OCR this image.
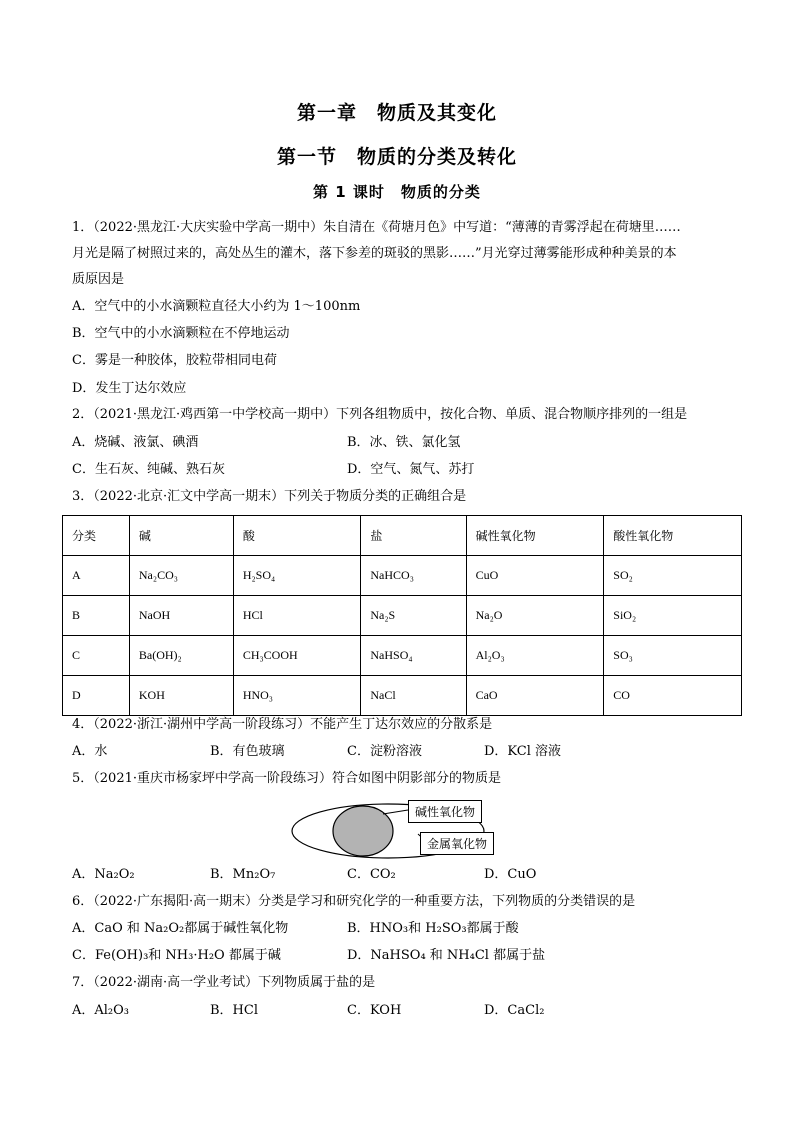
第一章　物质及其变化
第一节　物质的分类及转化
第 1 课时　物质的分类
1．（2022·黑龙江·大庆实验中学高一期中）朱自清在《荷塘月色》中写道：“薄薄的青雾浮起在荷塘里……
月光是隔了树照过来的，高处丛生的灌木，落下参差的斑驳的黑影……”月光穿过薄雾能形成种种美景的本
质原因是
A．空气中的小水滴颗粒直径大小约为 1～100nm
B．空气中的小水滴颗粒在不停地运动
C．雾是一种胶体，胶粒带相同电荷
D．发生丁达尔效应
2．（2021·黑龙江·鸡西第一中学校高一期中）下列各组物质中，按化合物、单质、混合物顺序排列的一组是
A．烧碱、液氯、碘酒	B．冰、铁、氯化氢
C．生石灰、纯碱、熟石灰	D．空气、氮气、苏打
3．（2022·北京·汇文中学高一期末）下列关于物质分类的正确组合是
分类	碱	酸	盐	碱性氧化物	酸性氧化物
A	Na₂CO₃	H₂SO₄	NaHCO₃	CuO	SO₂
B	NaOH	HCl	Na₂S	Na₂O	SiO₂
C	Ba(OH)₂	CH₃COOH	NaHSO₄	Al₂O₃	SO₃
D	KOH	HNO₃	NaCl	CaO	CO
4．（2022·浙江·湖州中学高一阶段练习）不能产生丁达尔效应的分散系是
A．水	B．有色玻璃	C．淀粉溶液	D．KCl 溶液
5．（2021·重庆市杨家坪中学高一阶段练习）符合如图中阴影部分的物质是
碱性氧化物
金属氧化物
A．Na₂O₂	B．Mn₂O₇	C．CO₂	D．CuO
6．（2022·广东揭阳·高一期末）分类是学习和研究化学的一种重要方法，下列物质的分类错误的是
A．CaO 和 Na₂O₂都属于碱性氧化物	B．HNO₃和 H₂SO₃都属于酸
C．Fe(OH)₃和 NH₃·H₂O 都属于碱	D．NaHSO₄ 和 NH₄Cl 都属于盐
7．（2022·湖南·高一学业考试）下列物质属于盐的是
A．Al₂O₃	B．HCl	C．KOH	D．CaCl₂
